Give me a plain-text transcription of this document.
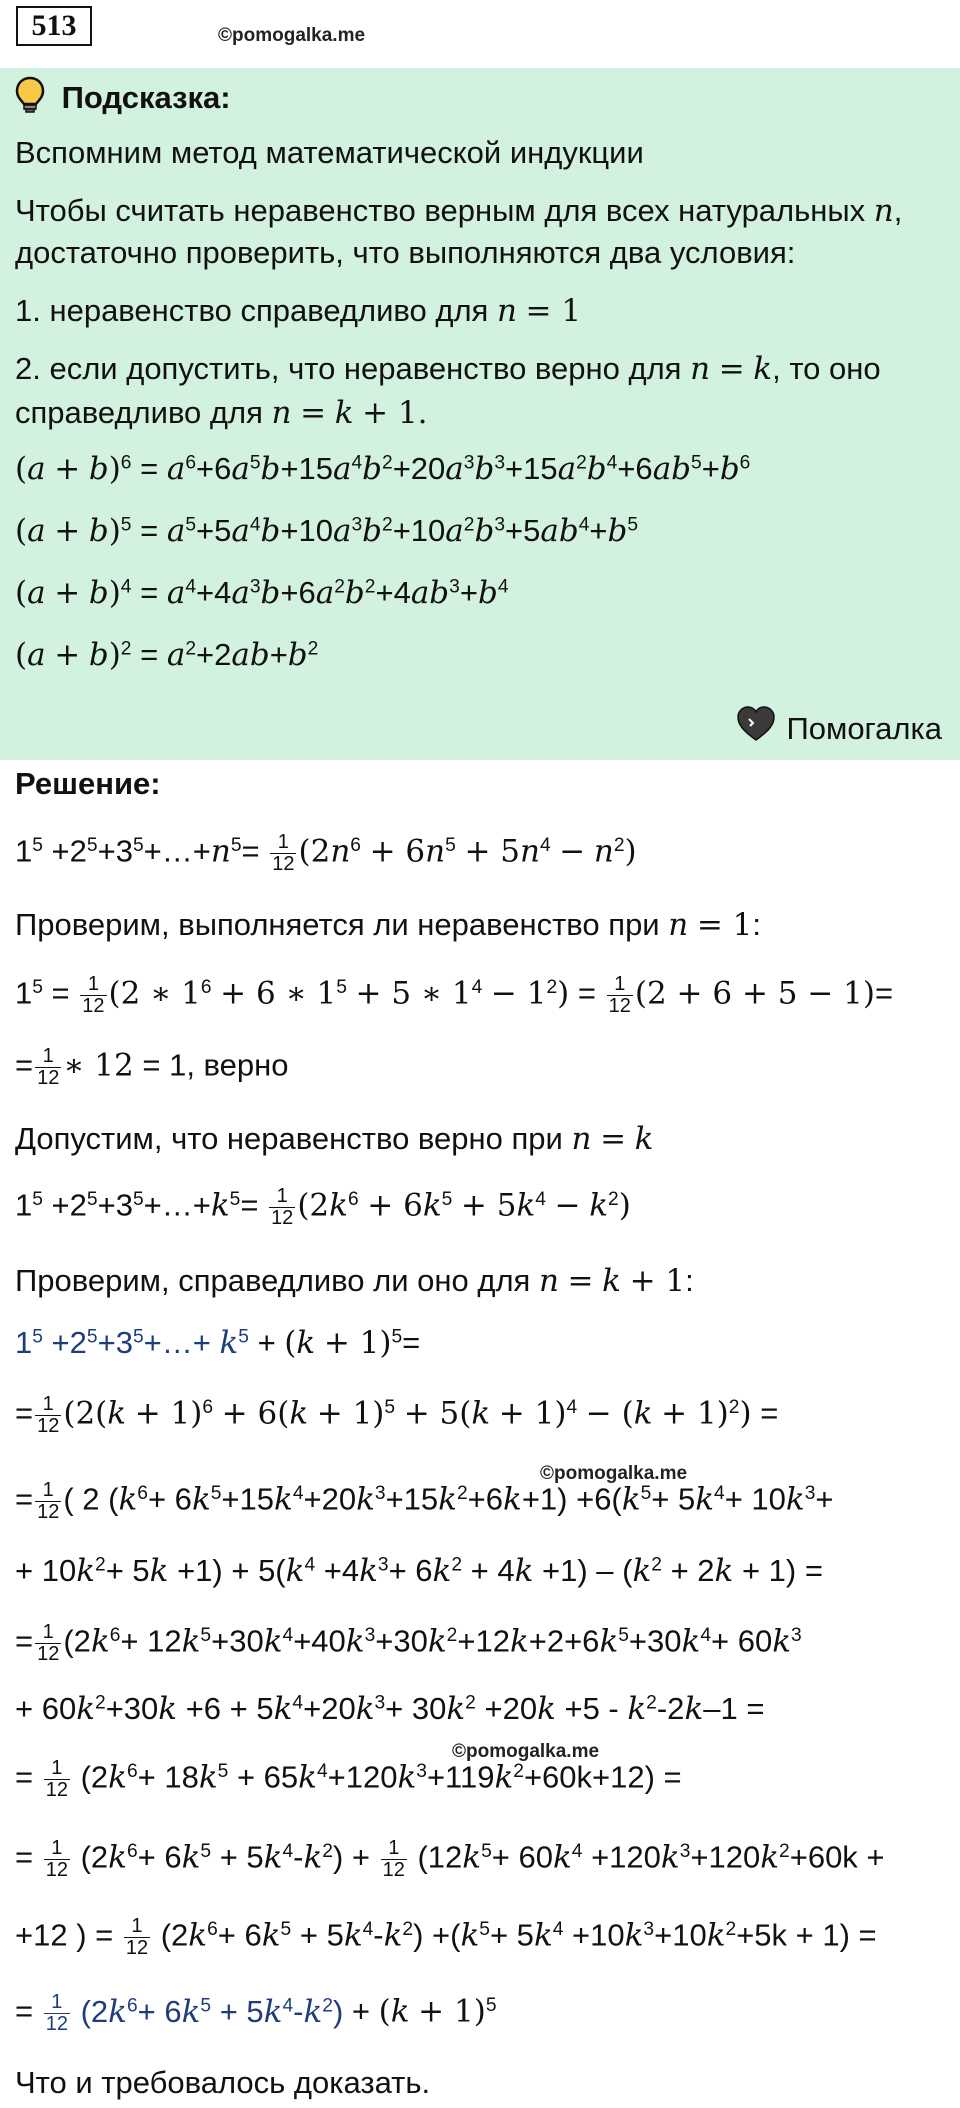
513	©pomogalka.me
Подсказка:
Вспомним метод математической индукции
Чтобы считать неравенство верным для всех натуральных n,
достаточно проверить, что выполняются два условия:
1. неравенство справедливо для n = 1
2. если допустить, что неравенство верно для n = k, то оно
справедливо для n = k + 1.
$(a + b)^6 = a^6+6a^5b+15a^4b^2+20a^3b^3+15a^2b^4+6ab^5+b^6$
$(a + b)^5 = a^5+5a^4b+10a^3b^2+10a^2b^3+5ab^4+b^5$
$(a + b)^4 = a^4+4a^3b+6a^2b^2+4ab^3+b^4$
$(a + b)^2 = a^2+2ab+b^2$
Помогалка
Решение:
$1^5$ $+2^5+3^5+\dots+n^5= \frac{1}{12} (2n^6 + 6n^5 + 5n^4 - n^2)$
Проверим, выполняется ли неравенство при n = 1:
$1^5 = \frac{1}{12} (2$ ∗ $1^6 + 6$ ∗ $1^5 + 5$ ∗ $1^4 - 1^2) = \frac{1}{12} (2 + 6 + 5 - 1)=$
= $\frac{1}{12}$ ∗ 12 = 1, верно
Допустим, что неравенство верно при n = k
$1^5$ $+2^5+3^5+\dots+k^5= \frac{1}{12} (2k^6 + 6k^5 + 5k^4 - k^2)$
Проверим, справедливо ли оно для n = k + 1:
$1^5$ $+2^5+3^5+\dots+ k^5 + (k + 1)^5=$
= $\frac{1}{12} (2(k + 1)^6 + 6(k + 1)^5 + 5(k + 1)^4 - (k + 1)^2)$ =
©pomogalka.me
= $\frac{1}{12}$ ( 2 $(k^6+ 6k^5+15k^4+20k^3+15k^2+6k+1) +6(k^5+ 5k^4+ 10k^3+$
+ $10k^2+ 5k +1) + 5(k^4 +4k^3+ 6k^2 + 4k +1) - (k^2 + 2k + 1)$ =
= $\frac{1}{12} (2k^6+ 12k^5+30k^4+40k^3+30k^2+12k+2+6k^5+30k^4+ 60k^3$
+ $60k^2+30k +6 + 5k^4+20k^3+ 30k^2 +20k +5 - k^2-2k-1$ =
©pomogalka.me
= $\frac{1}{12} (2k^6+ 18k^5 + 65k^4+120k^3+119k^2+60k+12)$ =
= $\frac{1}{12} (2k^6+ 6k^5 + 5k^4-k^2) + \frac{1}{12} (12k^5+ 60k^4 +120k^3+120k^2+60k$ +
+12 ) = $\frac{1}{12} (2k^6+ 6k^5 + 5k^4-k^2) +(k^5+ 5k^4 +10k^3+10k^2+5k + 1)$ =
= $\frac{1}{12} (2k^6+ 6k^5 + 5k^4-k^2) + (k + 1)^5$
Что и требовалось доказать.
